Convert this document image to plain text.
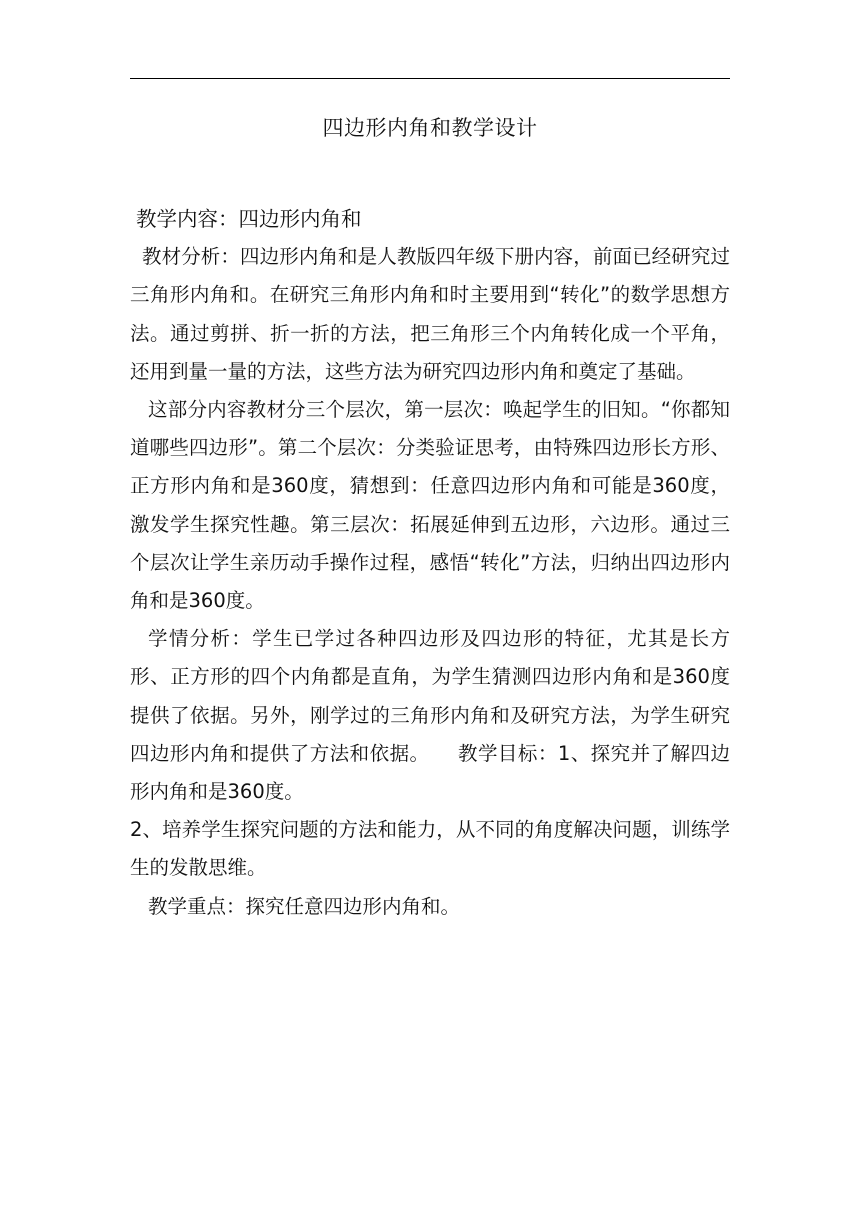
四边形内角和教学设计

教学内容：四边形内角和

教材分析：四边形内角和是人教版四年级下册内容，前面已经研究过三角形内角和。在研究三角形内角和时主要用到“转化”的数学思想方法。通过剪拼、折一折的方法，把三角形三个内角转化成一个平角，还用到量一量的方法，这些方法为研究四边形内角和奠定了基础。

这部分内容教材分三个层次，第一层次：唤起学生的旧知。“你都知道哪些四边形”。第二个层次：分类验证思考，由特殊四边形长方形、正方形内角和是360度，猜想到：任意四边形内角和可能是360度，激发学生探究性趣。第三层次：拓展延伸到五边形，六边形。通过三个层次让学生亲历动手操作过程，感悟“转化”方法，归纳出四边形内角和是360度。

学情分析：学生已学过各种四边形及四边形的特征，尤其是长方形、正方形的四个内角都是直角，为学生猜测四边形内角和是360度提供了依据。另外，刚学过的三角形内角和及研究方法，为学生研究四边形内角和提供了方法和依据。 教学目标：1、探究并了解四边形内角和是360度。

2、培养学生探究问题的方法和能力，从不同的角度解决问题，训练学生的发散思维。

教学重点：探究任意四边形内角和。
